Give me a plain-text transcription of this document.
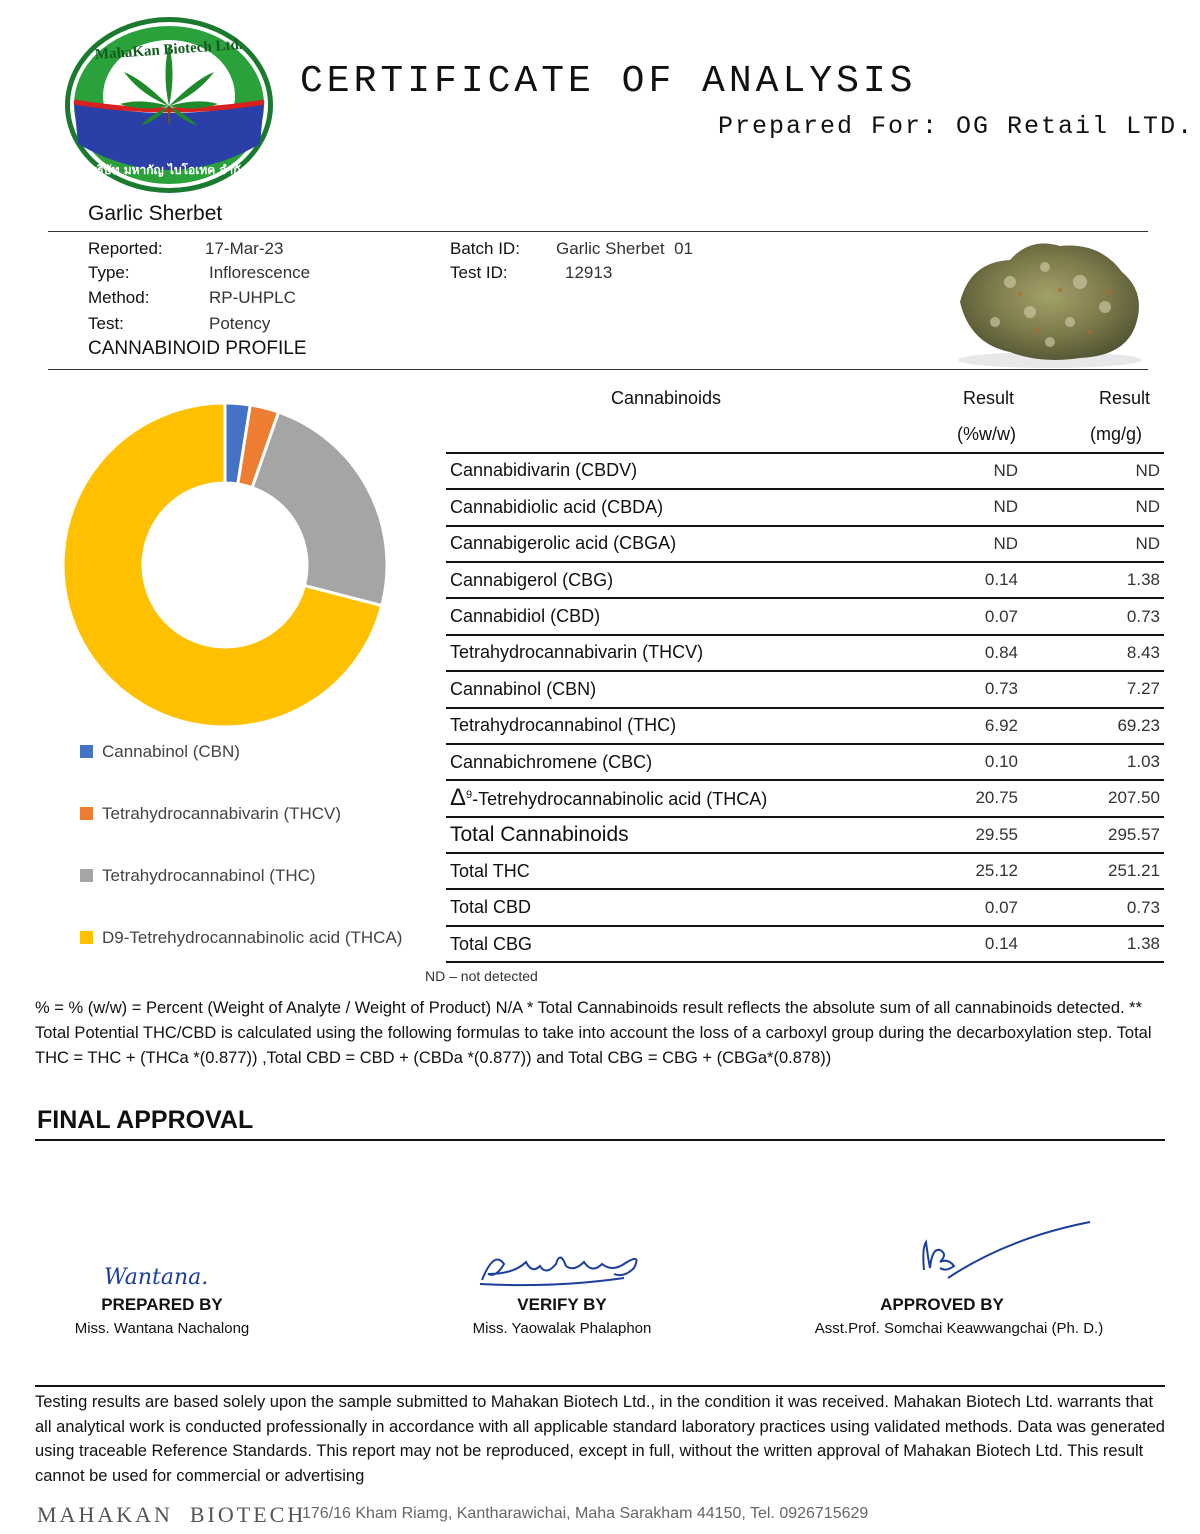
MahaKan Biotech Ltd.
บริษัท มหากัญ ไบโอเทค จำกัด
CERTIFICATE OF ANALYSIS
Prepared For: OG Retail LTD.
Garlic Sherbet
Reported: 17-Mar-23
Type:	Inflorescence
Method:	RP-UHPLC
Test:	Potency
Batch ID: Garlic Sherbet  01
Test ID:	12913
CANNABINOID PROFILE
Cannabinol (CBN)
Tetrahydrocannabivarin (THCV)
Tetrahydrocannabinol (THC)
D9-Tetrehydrocannabinolic acid (THCA)
Cannabinoids	Result	Result
	(%w/w)	(mg/g)
Cannabidivarin (CBDV)	ND	ND
Cannabidiolic acid (CBDA)	ND	ND
Cannabigerolic acid (CBGA)	ND	ND
Cannabigerol (CBG)	0.14	1.38
Cannabidiol (CBD)	0.07	0.73
Tetrahydrocannabivarin (THCV)	0.84	8.43
Cannabinol (CBN)	0.73	7.27
Tetrahydrocannabinol (THC)	6.92	69.23
Cannabichromene (CBC)	0.10	1.03
$\Delta^9$-Tetrehydrocannabinolic acid (THCA)	20.75	207.50
Total Cannabinoids	29.55	295.57
Total THC	25.12	251.21
Total CBD	0.07	0.73
Total CBG	0.14	1.38
ND – not detected
% = % (w/w) = Percent (Weight of Analyte / Weight of Product) N/A * Total Cannabinoids result reflects the absolute sum of all cannabinoids detected. ** Total Potential THC/CBD is calculated using the following formulas to take into account the loss of a carboxyl group during the decarboxylation step. Total THC = THC + (THCa *(0.877)) ,Total CBD = CBD + (CBDa *(0.877)) and Total CBG = CBG + (CBGa*(0.878))
FINAL APPROVAL
Wantana.
PREPARED BY
Miss. Wantana Nachalong
VERIFY BY
Miss. Yaowalak Phalaphon
APPROVED BY
Asst.Prof. Somchai Keawwangchai (Ph. D.)
Testing results are based solely upon the sample submitted to Mahakan Biotech Ltd., in the condition it was received. Mahakan Biotech Ltd. warrants that all analytical work is conducted professionally in accordance with all applicable standard laboratory practices using validated methods. Data was generated using traceable Reference Standards. This report may not be reproduced, except in full, without the written approval of Mahakan Biotech Ltd. This result cannot be used for commercial or advertising
MAHAKAN  BIOTECH
176/16 Kham Riamg, Kantharawichai, Maha Sarakham 44150, Tel. 0926715629
